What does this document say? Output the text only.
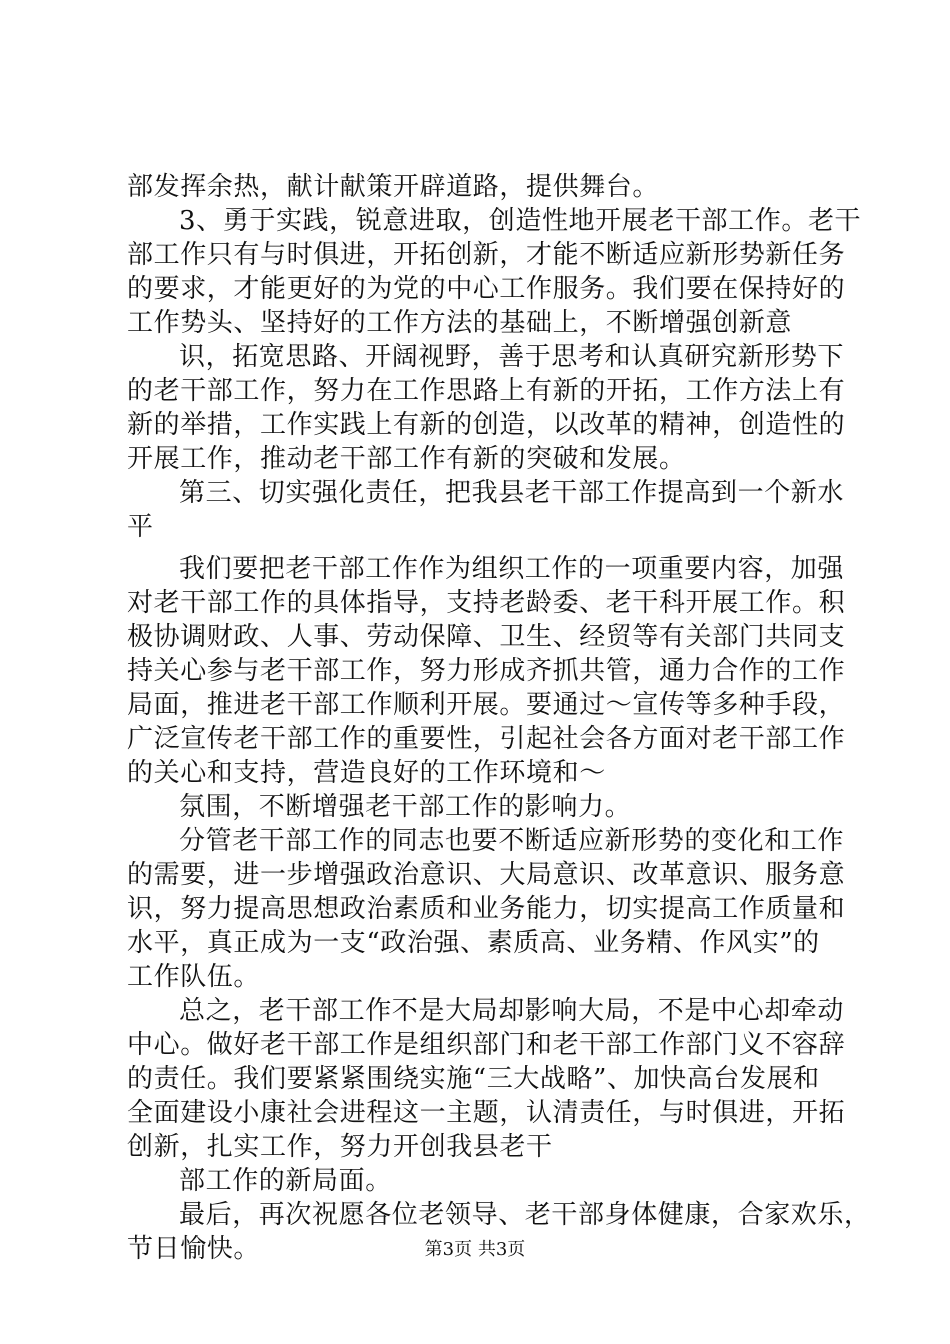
部发挥余热，献计献策开辟道路，提供舞台。
3、勇于实践，锐意进取，创造性地开展老干部工作。老干
部工作只有与时俱进，开拓创新，才能不断适应新形势新任务
的要求，才能更好的为党的中心工作服务。我们要在保持好的
工作势头、坚持好的工作方法的基础上，不断增强创新意
识，拓宽思路、开阔视野，善于思考和认真研究新形势下
的老干部工作，努力在工作思路上有新的开拓，工作方法上有
新的举措，工作实践上有新的创造，以改革的精神，创造性的
开展工作，推动老干部工作有新的突破和发展。
第三、切实强化责任，把我县老干部工作提高到一个新水
平
我们要把老干部工作作为组织工作的一项重要内容，加强
对老干部工作的具体指导，支持老龄委、老干科开展工作。积
极协调财政、人事、劳动保障、卫生、经贸等有关部门共同支
持关心参与老干部工作，努力形成齐抓共管，通力合作的工作
局面，推进老干部工作顺利开展。要通过～宣传等多种手段，
广泛宣传老干部工作的重要性，引起社会各方面对老干部工作
的关心和支持，营造良好的工作环境和～
氛围，不断增强老干部工作的影响力。
分管老干部工作的同志也要不断适应新形势的变化和工作
的需要，进一步增强政治意识、大局意识、改革意识、服务意
识，努力提高思想政治素质和业务能力，切实提高工作质量和
水平，真正成为一支“政治强、素质高、业务精、作风实”的
工作队伍。
总之，老干部工作不是大局却影响大局，不是中心却牵动
中心。做好老干部工作是组织部门和老干部工作部门义不容辞
的责任。我们要紧紧围绕实施“三大战略”、加快高台发展和
全面建设小康社会进程这一主题，认清责任，与时俱进，开拓
创新，扎实工作，努力开创我县老干
部工作的新局面。
最后，再次祝愿各位老领导、老干部身体健康，合家欢乐，
节日愉快。	第3页 共3页
